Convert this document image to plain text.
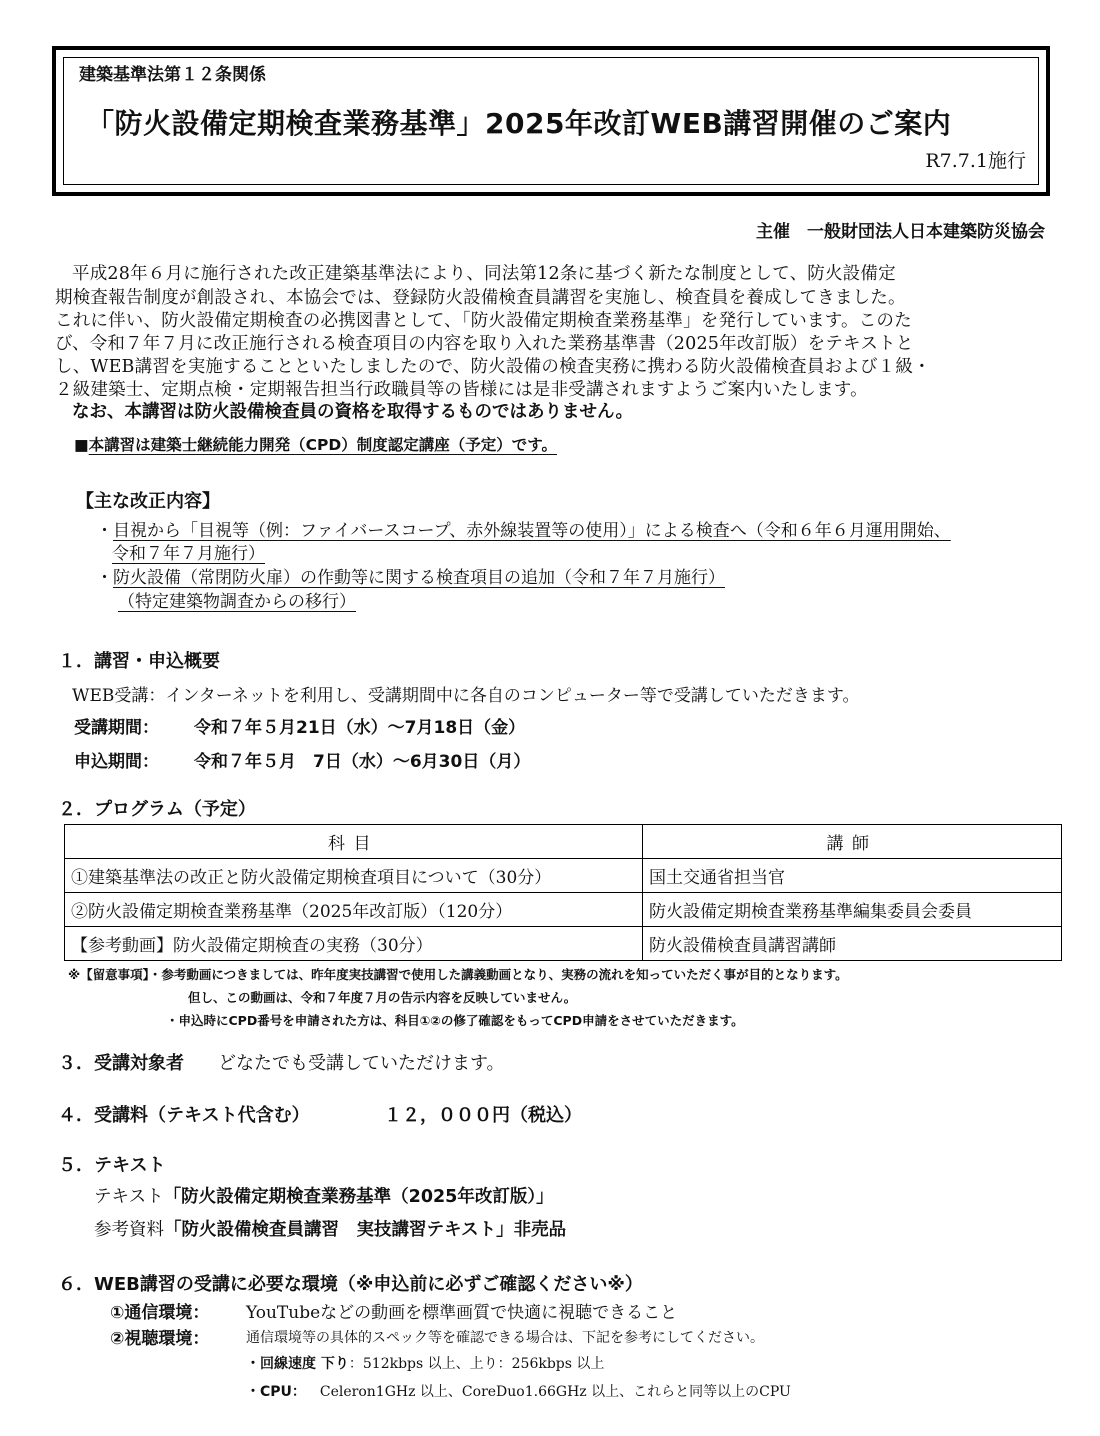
建築基準法第１２条関係
「防火設備定期検査業務基準」2025年改訂WEB講習開催のご案内
R7.7.1施行
主催　一般財団法人日本建築防災協会
平成28年６月に施行された改正建築基準法により、同法第12条に基づく新たな制度として、防火設備定
期検査報告制度が創設され、本協会では、登録防火設備検査員講習を実施し、検査員を養成してきました。
これに伴い、防火設備定期検査の必携図書として、「防火設備定期検査業務基準」を発行しています。このた
び、令和７年７月に改正施行される検査項目の内容を取り入れた業務基準書（2025年改訂版）をテキストと
し、WEB講習を実施することといたしましたので、防火設備の検査実務に携わる防火設備検査員および１級・
２級建築士、定期点検・定期報告担当行政職員等の皆様には是非受講されますようご案内いたします。
なお、本講習は防火設備検査員の資格を取得するものではありません。
■本講習は建築士継続能力開発（CPD）制度認定講座（予定）です。
【主な改正内容】
・目視から「目視等（例：ファイバースコープ、赤外線装置等の使用）」による検査へ（令和６年６月運用開始、
令和７年７月施行）
・防火設備（常閉防火扉）の作動等に関する検査項目の追加（令和７年７月施行）
（特定建築物調査からの移行）
１．講習・申込概要
WEB受講：インターネットを利用し、受講期間中に各自のコンピューター等で受講していただきます。
受講期間： 令和７年５月21日（水）～7月18日（金）
申込期間： 令和７年５月　7日（水）～6月30日（月）
２．プログラム（予定）
科目	講師
①建築基準法の改正と防火設備定期検査項目について（30分）	国土交通省担当官
②防火設備定期検査業務基準（2025年改訂版）（120分）	防火設備定期検査業務基準編集委員会委員
【参考動画】防火設備定期検査の実務（30分）	防火設備検査員講習講師
※【留意事項】・参考動画につきましては、昨年度実技講習で使用した講義動画となり、実務の流れを知っていただく事が目的となります。
但し、この動画は、令和７年度７月の告示内容を反映していません。
・申込時にCPD番号を申請された方は、科目①②の修了確認をもってCPD申請をさせていただきます。
３．受講対象者 どなたでも受講していただけます。
４．受講料（テキスト代含む）	１２，０００円（税込）
５．テキスト
テキスト「防火設備定期検査業務基準（2025年改訂版）」
参考資料「防火設備検査員講習　実技講習テキスト」非売品
６．WEB講習の受講に必要な環境（※申込前に必ずご確認ください※）
①通信環境： YouTubeなどの動画を標準画質で快適に視聴できること
②視聴環境：	通信環境等の具体的スペック等を確認できる場合は、下記を参考にしてください。
・回線速度 下り：512kbps 以上、上り：256kbps 以上
・CPU： Celeron1GHz 以上、CoreDuo1.66GHz 以上、これらと同等以上のCPU
